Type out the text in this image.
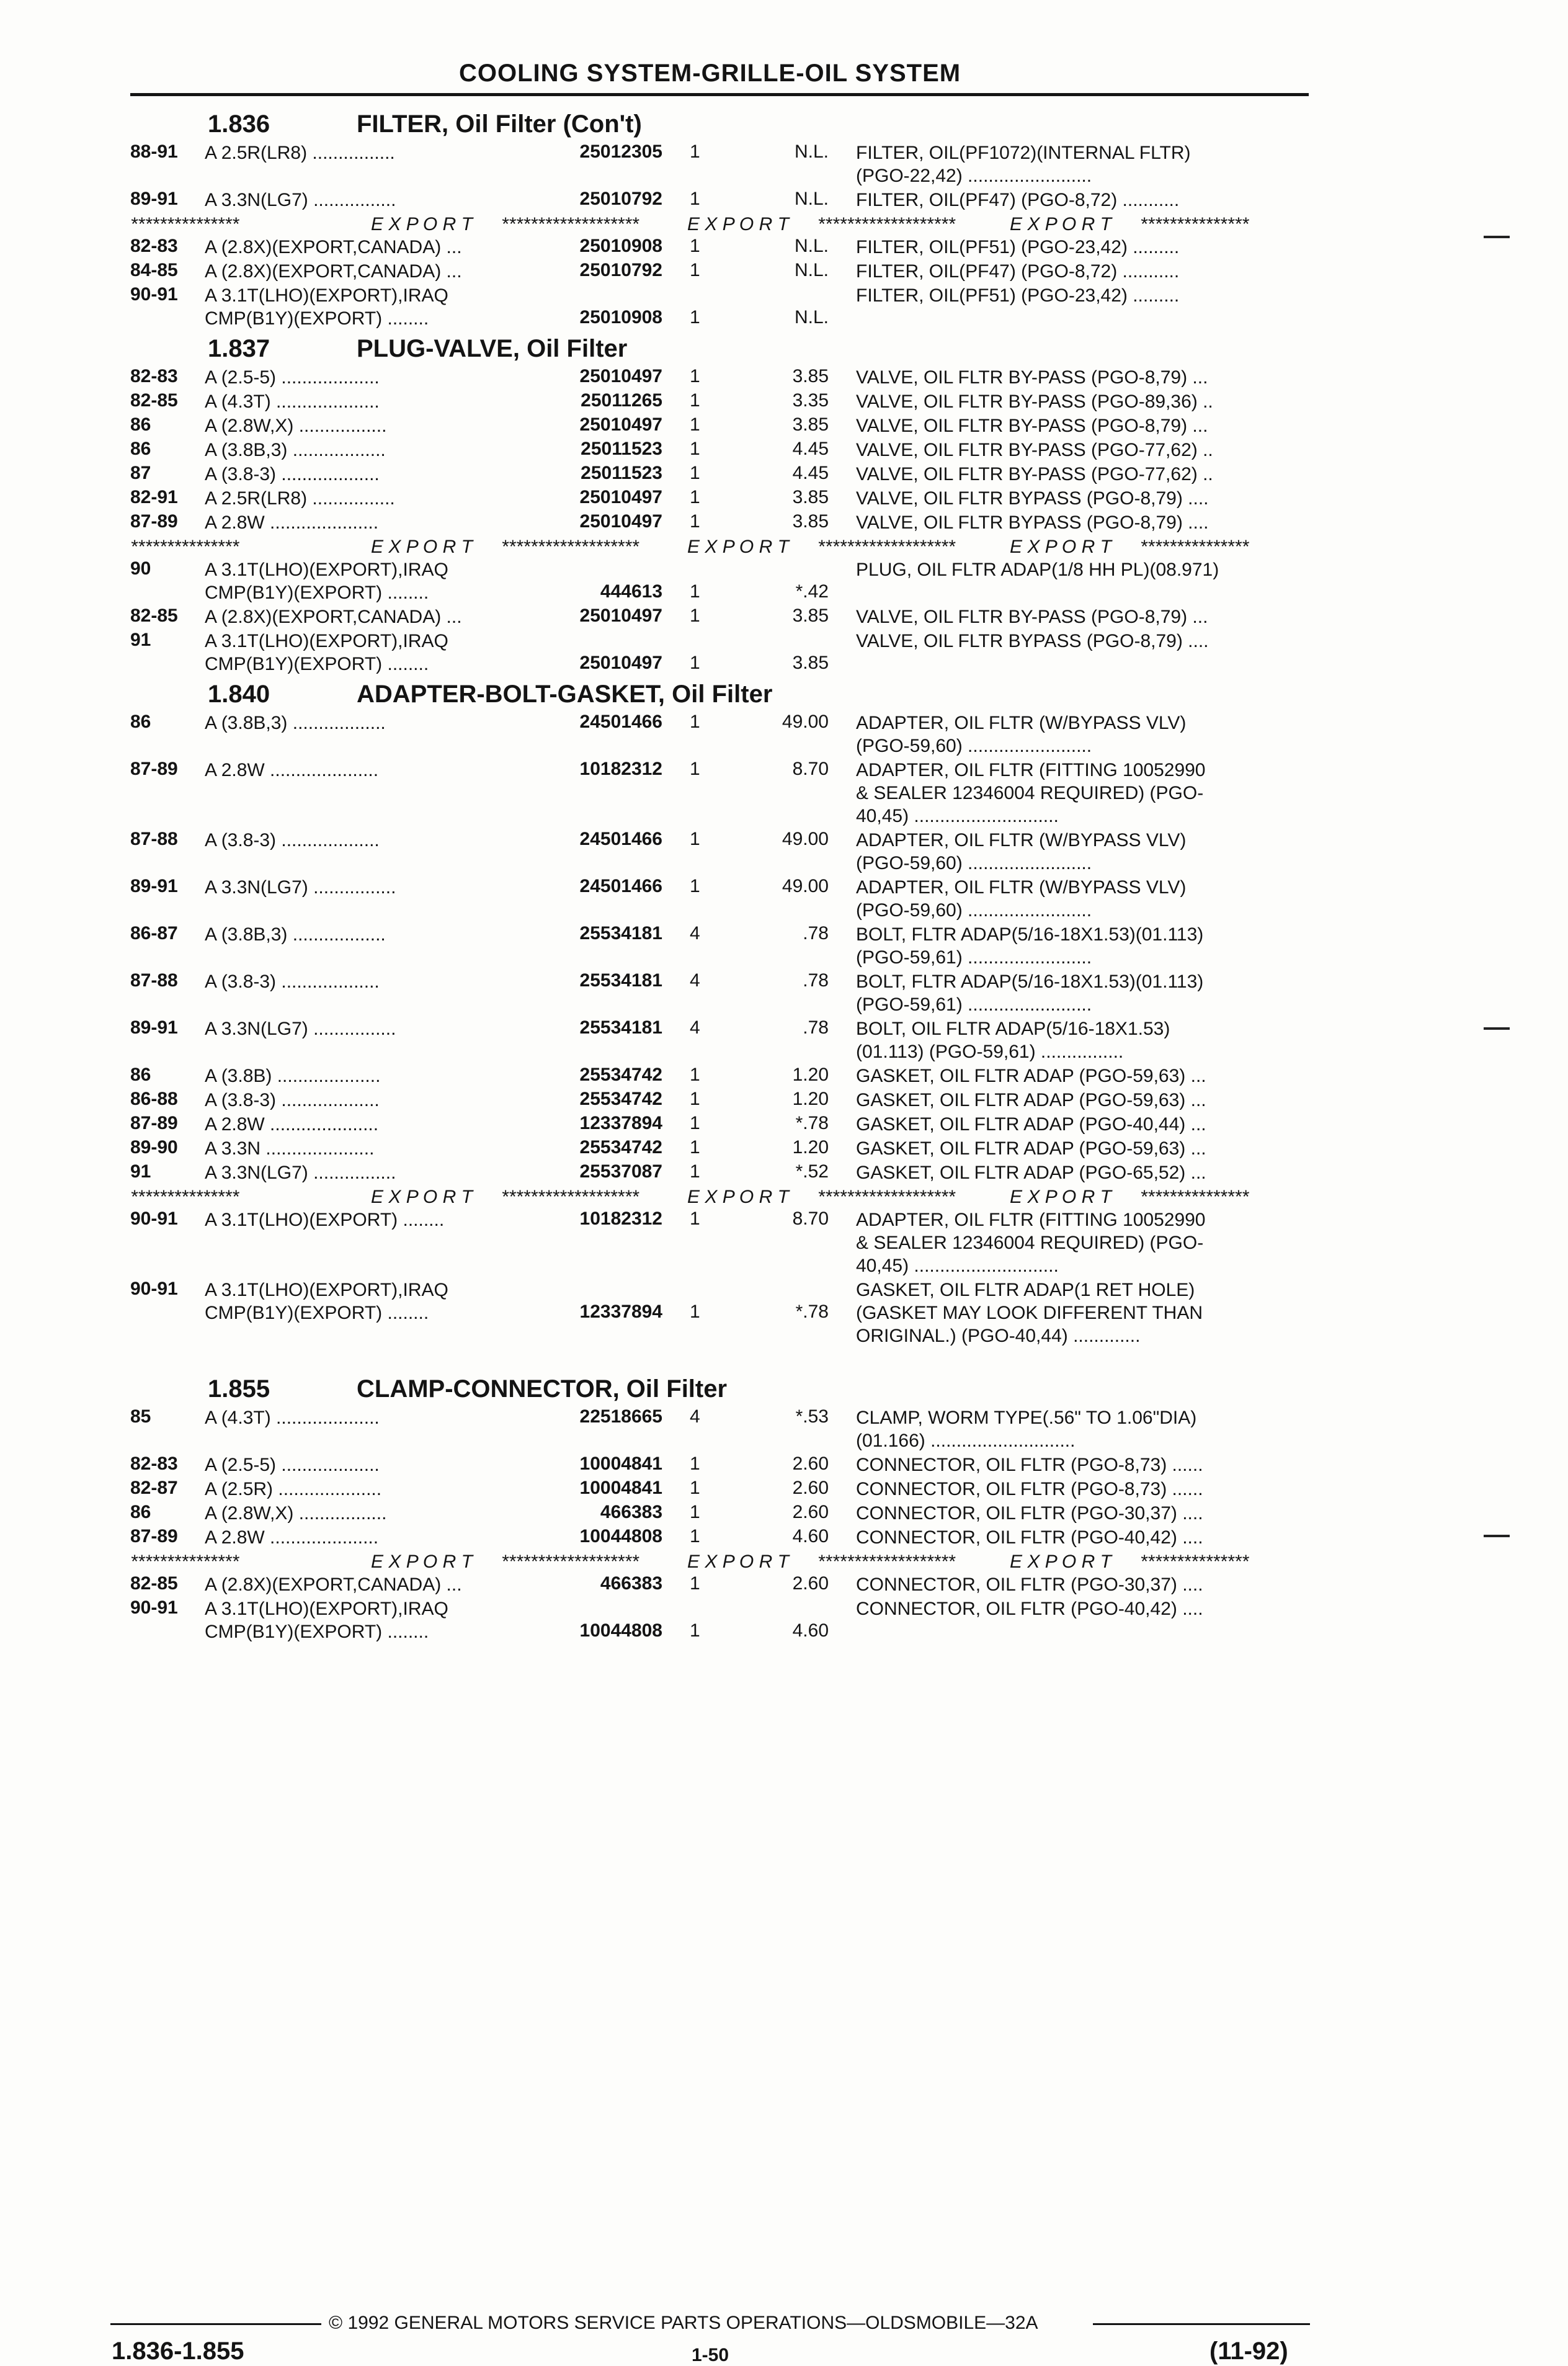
COOLING SYSTEM-GRILLE-OIL SYSTEM
1.836	FILTER, Oil Filter (Con't)
88-91 A 2.5R(LR8) ................	25012305 1	N.L. FILTER, OIL(PF1072)(INTERNAL FLTR)
(PGO-22,42) ........................
89-91 A 3.3N(LG7) ................	25010792 1	N.L. FILTER, OIL(PF47) (PGO-8,72) ...........
***************	E X P O R T *******************	E X P O R T *******************	E X P O R T ***************
82-83 A (2.8X)(EXPORT,CANADA) ...	25010908 1	N.L. FILTER, OIL(PF51) (PGO-23,42) .........
84-85 A (2.8X)(EXPORT,CANADA) ...	25010792 1	N.L. FILTER, OIL(PF47) (PGO-8,72) ...........
90-91 A 3.1T(LHO)(EXPORT),IRAQ
CMP(B1Y)(EXPORT) ........	25010908 1	N.L.
FILTER, OIL(PF51) (PGO-23,42) .........
1.837	PLUG-VALVE, Oil Filter
82-83 A (2.5-5) ...................	25010497 1	3.85 VALVE, OIL FLTR BY-PASS (PGO-8,79) ...
82-85 A (4.3T) ....................	25011265 1	3.35 VALVE, OIL FLTR BY-PASS (PGO-89,36) ..
86	A (2.8W,X) .................	25010497 1	3.85 VALVE, OIL FLTR BY-PASS (PGO-8,79) ...
86	A (3.8B,3) ..................	25011523 1	4.45 VALVE, OIL FLTR BY-PASS (PGO-77,62) ..
87	A (3.8-3) ...................	25011523 1	4.45 VALVE, OIL FLTR BY-PASS (PGO-77,62) ..
82-91 A 2.5R(LR8) ................	25010497 1	3.85 VALVE, OIL FLTR BYPASS (PGO-8,79) ....
87-89 A 2.8W .....................	25010497 1	3.85 VALVE, OIL FLTR BYPASS (PGO-8,79) ....
***************	E X P O R T *******************	E X P O R T *******************	E X P O R T ***************
90	A 3.1T(LHO)(EXPORT),IRAQ
CMP(B1Y)(EXPORT) ........	444613 1	*.42
PLUG, OIL FLTR ADAP(1/8 HH PL)(08.971)
82-85 A (2.8X)(EXPORT,CANADA) ...	25010497 1	3.85 VALVE, OIL FLTR BY-PASS (PGO-8,79) ...
91	A 3.1T(LHO)(EXPORT),IRAQ
CMP(B1Y)(EXPORT) ........	25010497 1	3.85
VALVE, OIL FLTR BYPASS (PGO-8,79) ....
1.840	ADAPTER-BOLT-GASKET, Oil Filter
86	A (3.8B,3) ..................	24501466 1	49.00 ADAPTER, OIL FLTR (W/BYPASS VLV)
(PGO-59,60) ........................
87-89 A 2.8W .....................	10182312 1	8.70 ADAPTER, OIL FLTR (FITTING 10052990
& SEALER 12346004 REQUIRED) (PGO-
40,45) ............................
87-88 A (3.8-3) ...................	24501466 1	49.00 ADAPTER, OIL FLTR (W/BYPASS VLV)
(PGO-59,60) ........................
89-91 A 3.3N(LG7) ................	24501466 1	49.00 ADAPTER, OIL FLTR (W/BYPASS VLV)
(PGO-59,60) ........................
86-87 A (3.8B,3) ..................	25534181 4	.78 BOLT, FLTR ADAP(5/16-18X1.53)(01.113)
(PGO-59,61) ........................
87-88 A (3.8-3) ...................	25534181 4	.78 BOLT, FLTR ADAP(5/16-18X1.53)(01.113)
(PGO-59,61) ........................
89-91 A 3.3N(LG7) ................	25534181 4	.78 BOLT, OIL FLTR ADAP(5/16-18X1.53)
(01.113) (PGO-59,61) ................
86	A (3.8B) ....................	25534742 1	1.20 GASKET, OIL FLTR ADAP (PGO-59,63) ...
86-88 A (3.8-3) ...................	25534742 1	1.20 GASKET, OIL FLTR ADAP (PGO-59,63) ...
87-89 A 2.8W .....................	12337894 1	*.78 GASKET, OIL FLTR ADAP (PGO-40,44) ...
89-90 A 3.3N .....................	25534742 1	1.20 GASKET, OIL FLTR ADAP (PGO-59,63) ...
91	A 3.3N(LG7) ................	25537087 1	*.52 GASKET, OIL FLTR ADAP (PGO-65,52) ...
***************	E X P O R T *******************	E X P O R T *******************	E X P O R T ***************
90-91 A 3.1T(LHO)(EXPORT) ........	10182312 1	8.70 ADAPTER, OIL FLTR (FITTING 10052990
& SEALER 12346004 REQUIRED) (PGO-
40,45) ............................
90-91 A 3.1T(LHO)(EXPORT),IRAQ
CMP(B1Y)(EXPORT) ........	12337894 1	*.78
GASKET, OIL FLTR ADAP(1 RET HOLE)
(GASKET MAY LOOK DIFFERENT THAN
ORIGINAL.) (PGO-40,44) .............
1.855	CLAMP-CONNECTOR, Oil Filter
85	A (4.3T) ....................	22518665 4	*.53 CLAMP, WORM TYPE(.56" TO 1.06"DIA)
(01.166) ............................
82-83 A (2.5-5) ...................	10004841 1	2.60 CONNECTOR, OIL FLTR (PGO-8,73) ......
82-87 A (2.5R) ....................	10004841 1	2.60 CONNECTOR, OIL FLTR (PGO-8,73) ......
86	A (2.8W,X) .................	466383 1	2.60 CONNECTOR, OIL FLTR (PGO-30,37) ....
87-89 A 2.8W .....................	10044808 1	4.60 CONNECTOR, OIL FLTR (PGO-40,42) ....
***************	E X P O R T *******************	E X P O R T *******************	E X P O R T ***************
82-85 A (2.8X)(EXPORT,CANADA) ...	466383 1	2.60 CONNECTOR, OIL FLTR (PGO-30,37) ....
90-91 A 3.1T(LHO)(EXPORT),IRAQ
CMP(B1Y)(EXPORT) ........	10044808 1	4.60
CONNECTOR, OIL FLTR (PGO-40,42) ....
1.836-1.855
© 1992 GENERAL MOTORS SERVICE PARTS OPERATIONS—OLDSMOBILE—32A
1-50	(11-92)
